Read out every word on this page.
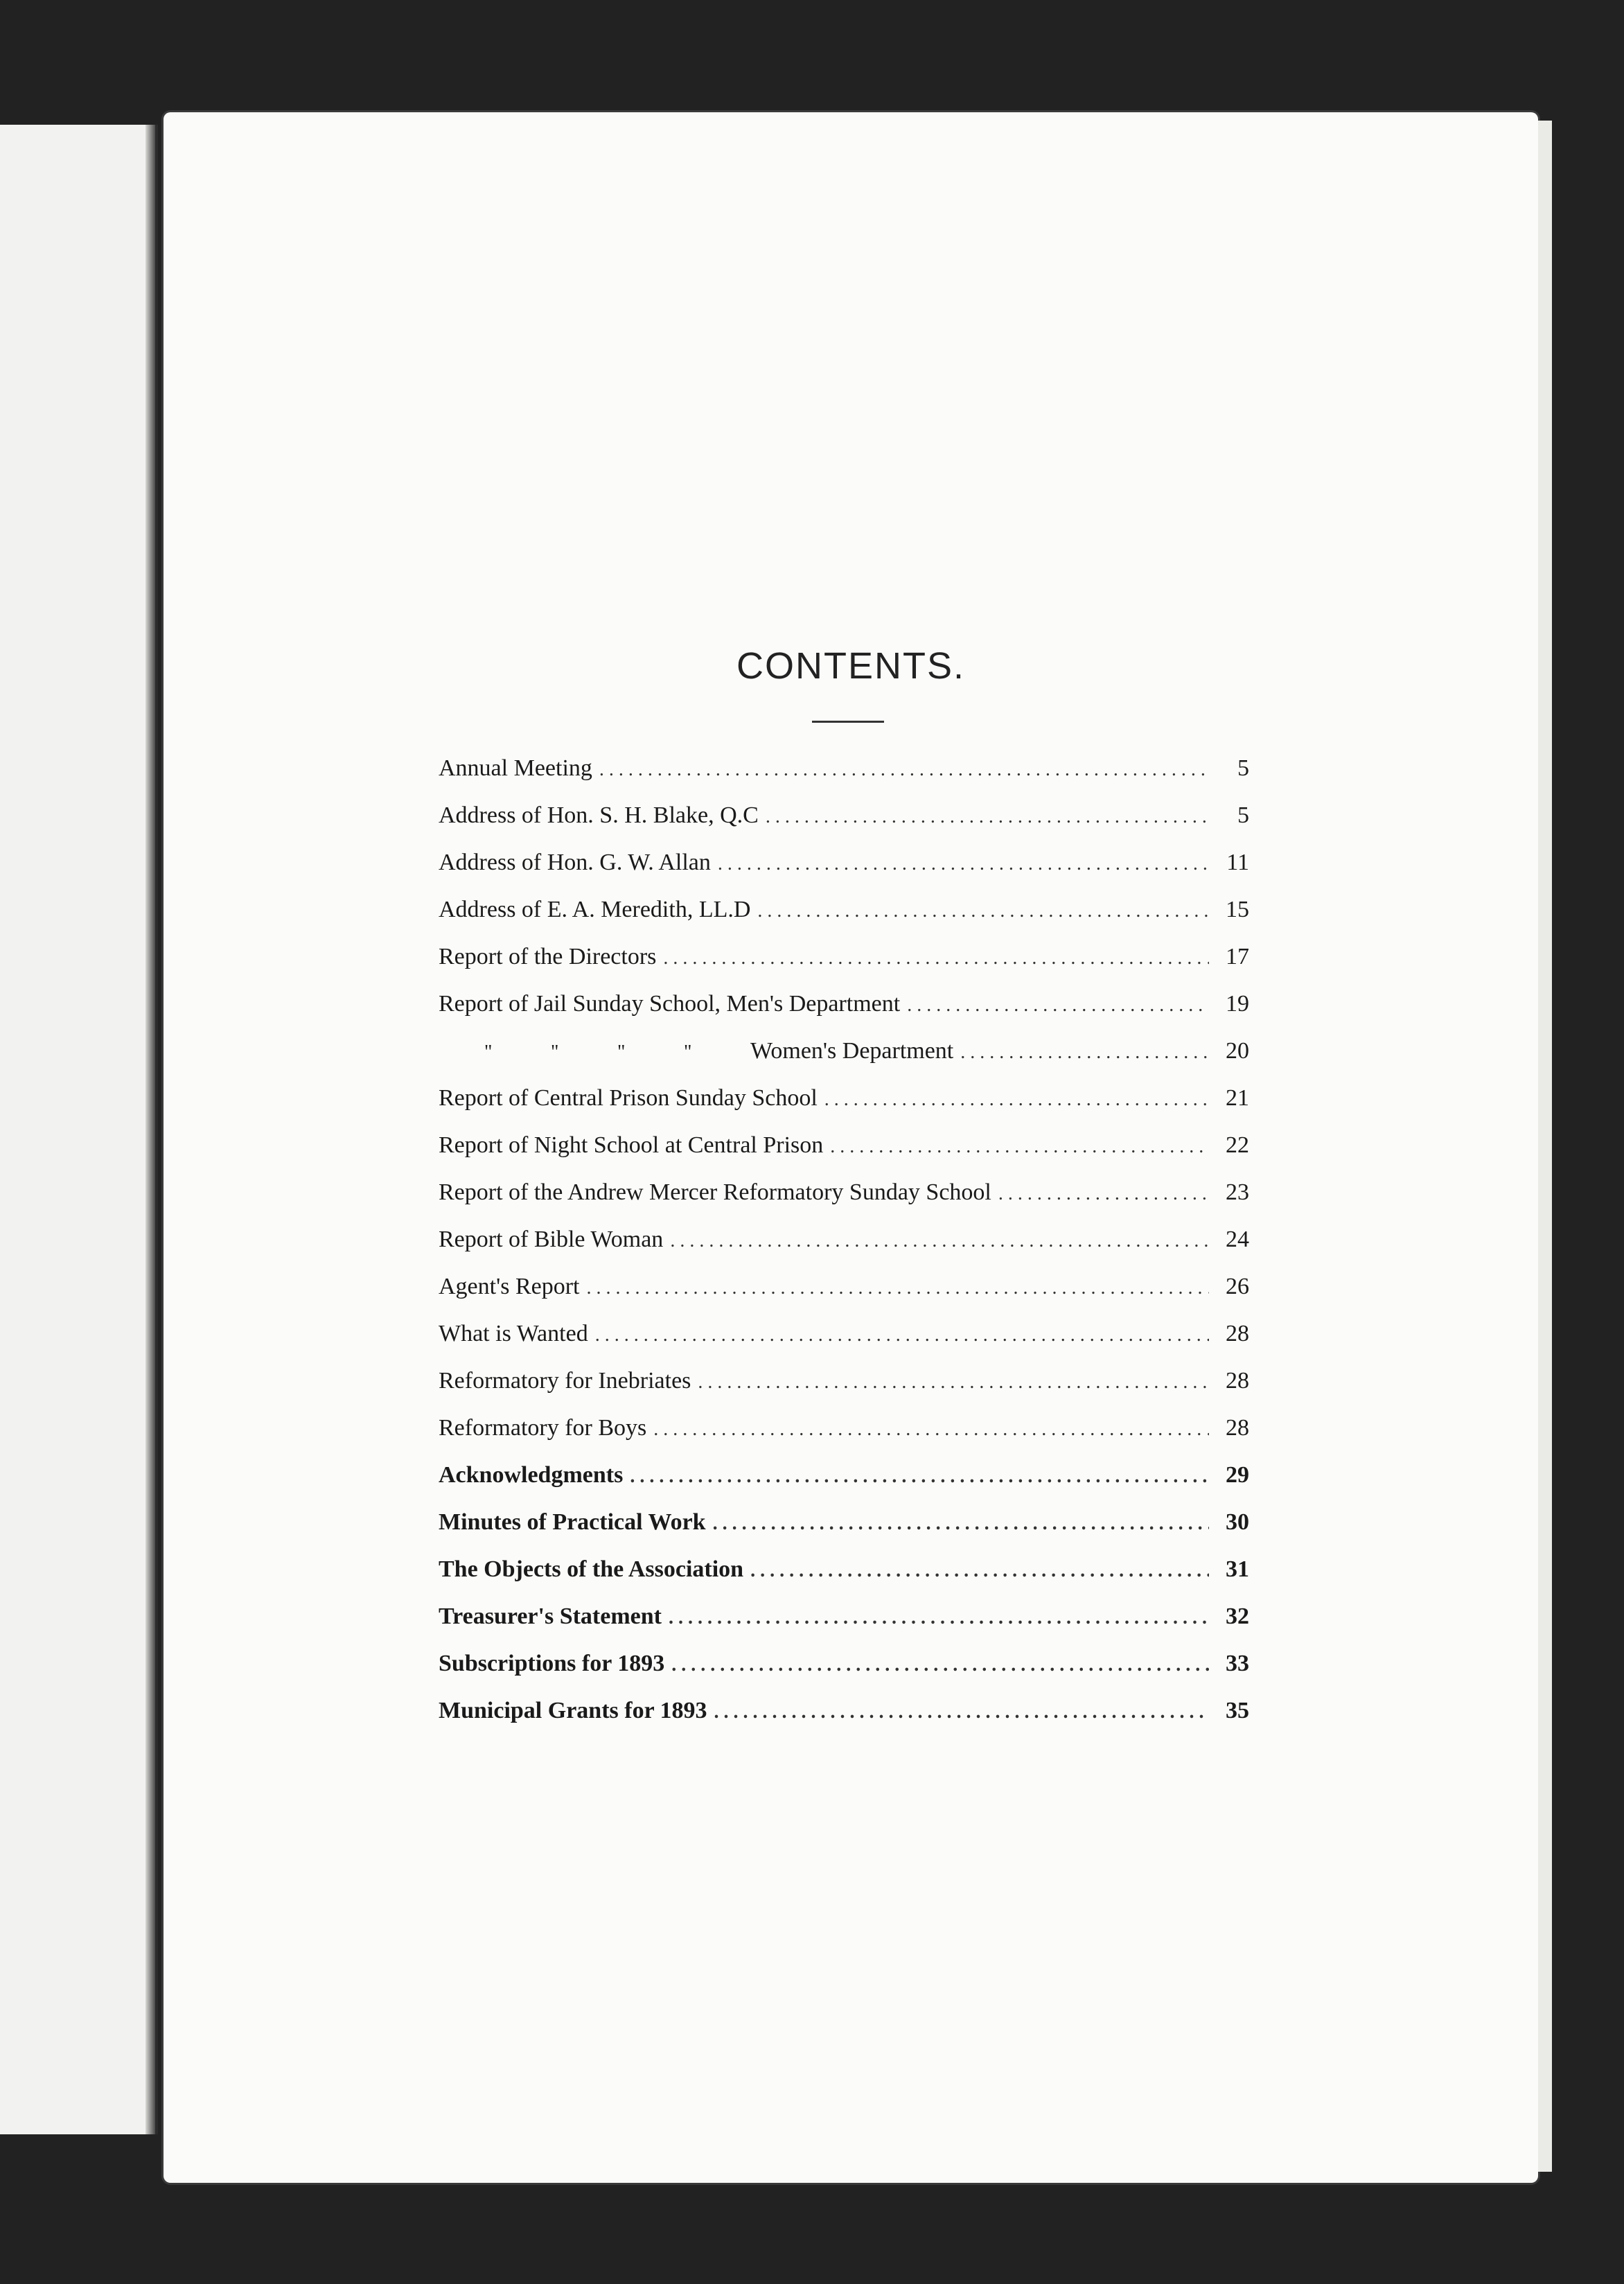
CONTENTS.
Annual Meeting . . .	5
Address of Hon. S. H. Blake, Q.C . . .	5
Address of Hon. G. W. Allan . . .	11
Address of E. A. Meredith, LL.D . . .	15
Report of the Directors . . .	17
Report of Jail Sunday School, Men's Department . . .	19
"	"	"	" Women's Department . . .	20
Report of Central Prison Sunday School . . .	21
Report of Night School at Central Prison . . .	22
Report of the Andrew Mercer Reformatory Sunday School . . .	23
Report of Bible Woman . . .	24
Agent's Report . . .	26
What is Wanted . . .	28
Reformatory for Inebriates . . .	28
Reformatory for Boys . . .	28
Acknowledgments . . .	29
Minutes of Practical Work . . .	30
The Objects of the Association . . .	31
Treasurer's Statement . . .	32
Subscriptions for 1893 . . .	33
Municipal Grants for 1893 . . .	35
